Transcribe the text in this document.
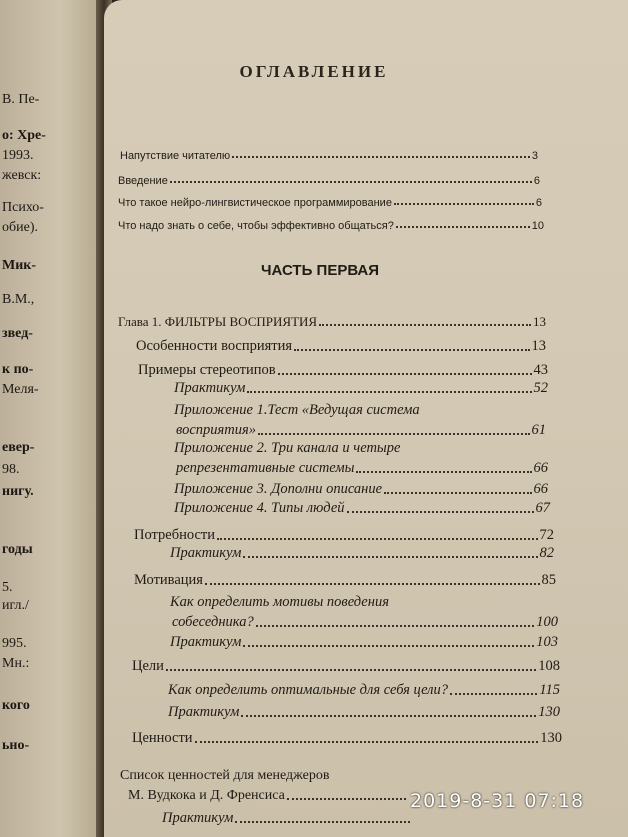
В. Пе-
о: Хре-
1993.
жевск:
Психо-
обие).
Мик-
В.М.,
звед-
к по-
Меля-
евер-
98.
нигу.
годы
5.
игл./
995.
Мн.:
кого
ьно-
ОГЛАВЛЕНИЕ
ЧАСТЬ ПЕРВАЯ
Напутствие читателю	3
Введение	6
Что такое нейро-лингвистическое программирование	6
Что надо знать о себе, чтобы эффективно общаться?	10
Глава 1. ФИЛЬТРЫ ВОСПРИЯТИЯ	13
Особенности восприятия	13
Примеры стереотипов	43
Практикум	52
Приложение 1.Тест «Ведущая система
восприятия»	61
Приложение 2. Три канала и четыре
репрезентативные системы	66
Приложение 3. Дополни описание	66
Приложение 4. Типы людей	67
Потребности	72
Практикум	82
Мотивация	85
Как определить мотивы поведения
собеседника?	100
Практикум	103
Цели	108
Как определить оптимальные для себя цели?	115
Практикум	130
Ценности	130
Список ценностей для менеджеров
М. Вудкока и Д. Френсиса
Практикум
2019-8-31 07:18
